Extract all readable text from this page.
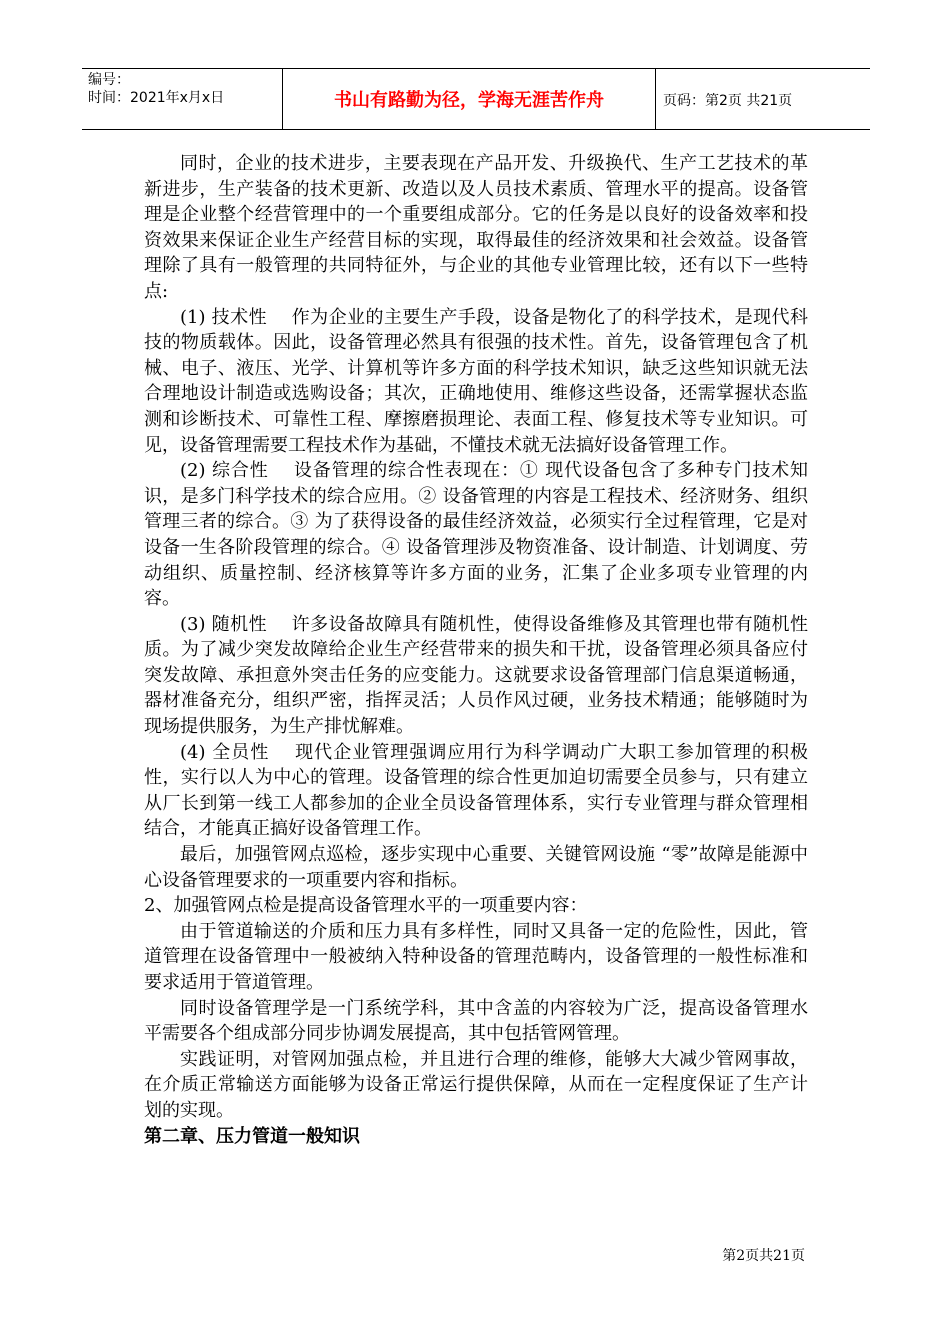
编号：
时间：2021年x月x日	书山有路勤为径，学海无涯苦作舟	页码：第2页 共21页

同时，企业的技术进步，主要表现在产品开发、升级换代、生产工艺技术的革新进步，生产装备的技术更新、改造以及人员技术素质、管理水平的提高。设备管理是企业整个经营管理中的一个重要组成部分。它的任务是以良好的设备效率和投资效果来保证企业生产经营目标的实现，取得最佳的经济效果和社会效益。设备管理除了具有一般管理的共同特征外，与企业的其他专业管理比较，还有以下一些特点:

(1) 技术性　 作为企业的主要生产手段，设备是物化了的科学技术，是现代科技的物质载体。因此，设备管理必然具有很强的技术性。首先，设备管理包含了机械、电子、液压、光学、计算机等许多方面的科学技术知识，缺乏这些知识就无法合理地设计制造或选购设备；其次，正确地使用、维修这些设备，还需掌握状态监测和诊断技术、可靠性工程、摩擦磨损理论、表面工程、修复技术等专业知识。可见，设备管理需要工程技术作为基础，不懂技术就无法搞好设备管理工作。

(2) 综合性　 设备管理的综合性表现在：① 现代设备包含了多种专门技术知识，是多门科学技术的综合应用。② 设备管理的内容是工程技术、经济财务、组织管理三者的综合。③ 为了获得设备的最佳经济效益，必须实行全过程管理，它是对设备一生各阶段管理的综合。④ 设备管理涉及物资准备、设计制造、计划调度、劳动组织、质量控制、经济核算等许多方面的业务，汇集了企业多项专业管理的内容。

(3) 随机性　 许多设备故障具有随机性，使得设备维修及其管理也带有随机性质。为了减少突发故障给企业生产经营带来的损失和干扰，设备管理必须具备应付突发故障、承担意外突击任务的应变能力。这就要求设备管理部门信息渠道畅通，器材准备充分，组织严密，指挥灵活；人员作风过硬，业务技术精通；能够随时为现场提供服务，为生产排忧解难。

(4) 全员性　 现代企业管理强调应用行为科学调动广大职工参加管理的积极性，实行以人为中心的管理。设备管理的综合性更加迫切需要全员参与，只有建立从厂长到第一线工人都参加的企业全员设备管理体系，实行专业管理与群众管理相结合，才能真正搞好设备管理工作。

最后，加强管网点巡检，逐步实现中心重要、关键管网设施 “零”故障是能源中心设备管理要求的一项重要内容和指标。

2、加强管网点检是提高设备管理水平的一项重要内容：

由于管道输送的介质和压力具有多样性，同时又具备一定的危险性，因此，管道管理在设备管理中一般被纳入特种设备的管理范畴内，设备管理的一般性标准和要求适用于管道管理。

同时设备管理学是一门系统学科，其中含盖的内容较为广泛，提高设备管理水平需要各个组成部分同步协调发展提高，其中包括管网管理。

实践证明，对管网加强点检，并且进行合理的维修，能够大大减少管网事故，在介质正常输送方面能够为设备正常运行提供保障，从而在一定程度保证了生产计划的实现。

第二章、压力管道一般知识
第2页共21页
